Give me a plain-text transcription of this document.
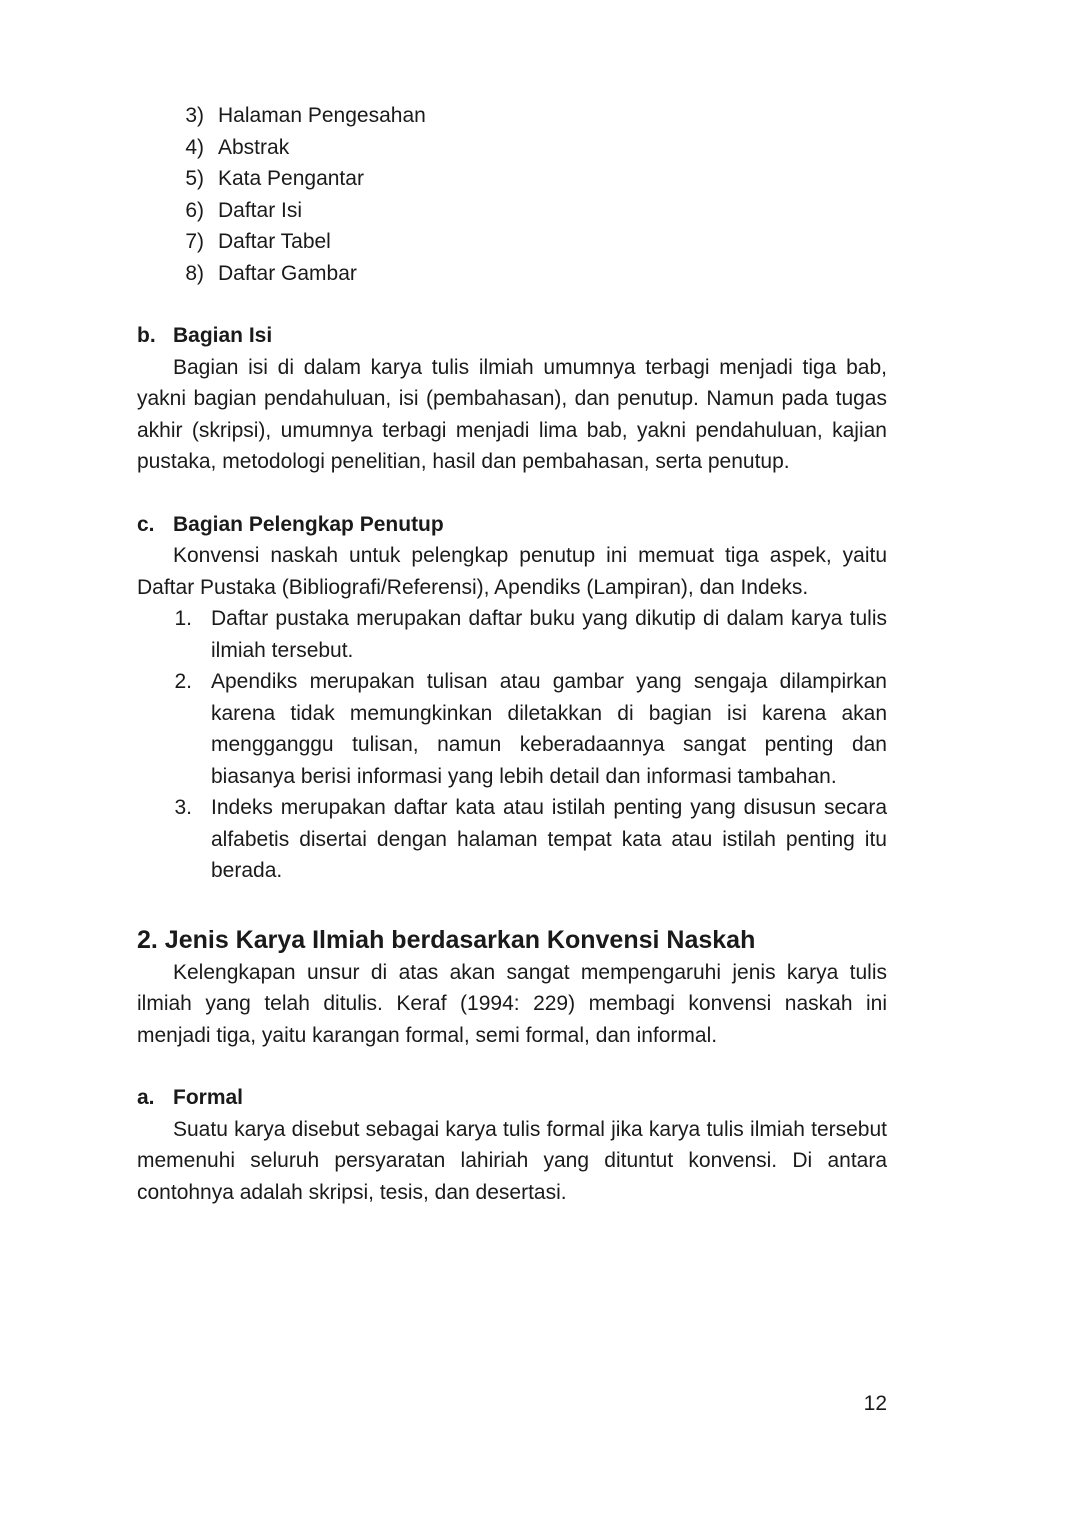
3) Halaman Pengesahan
4) Abstrak
5) Kata Pengantar
6) Daftar Isi
7) Daftar Tabel
8) Daftar Gambar
b. Bagian Isi

Bagian isi di dalam karya tulis ilmiah umumnya terbagi menjadi tiga bab, yakni bagian pendahuluan, isi (pembahasan), dan penutup. Namun pada tugas akhir (skripsi), umumnya terbagi menjadi lima bab, yakni pendahuluan, kajian pustaka, metodologi penelitian, hasil dan pembahasan, serta penutup.

c. Bagian Pelengkap Penutup

Konvensi naskah untuk pelengkap penutup ini memuat tiga aspek, yaitu Daftar Pustaka (Bibliografi/Referensi), Apendiks (Lampiran), dan Indeks.

1. Daftar pustaka merupakan daftar buku yang dikutip di dalam karya tulis ilmiah tersebut.
2. Apendiks merupakan tulisan atau gambar yang sengaja dilampirkan karena tidak memungkinkan diletakkan di bagian isi karena akan mengganggu tulisan, namun keberadaannya sangat penting dan biasanya berisi informasi yang lebih detail dan informasi tambahan.
3. Indeks merupakan daftar kata atau istilah penting yang disusun secara alfabetis disertai dengan halaman tempat kata atau istilah penting itu berada.
2. Jenis Karya Ilmiah berdasarkan Konvensi Naskah

Kelengkapan unsur di atas akan sangat mempengaruhi jenis karya tulis ilmiah yang telah ditulis. Keraf (1994: 229) membagi konvensi naskah ini menjadi tiga, yaitu karangan formal, semi formal, dan informal.

a. Formal

Suatu karya disebut sebagai karya tulis formal jika karya tulis ilmiah tersebut memenuhi seluruh persyaratan lahiriah yang dituntut konvensi. Di antara contohnya adalah skripsi, tesis, dan desertasi.

12
